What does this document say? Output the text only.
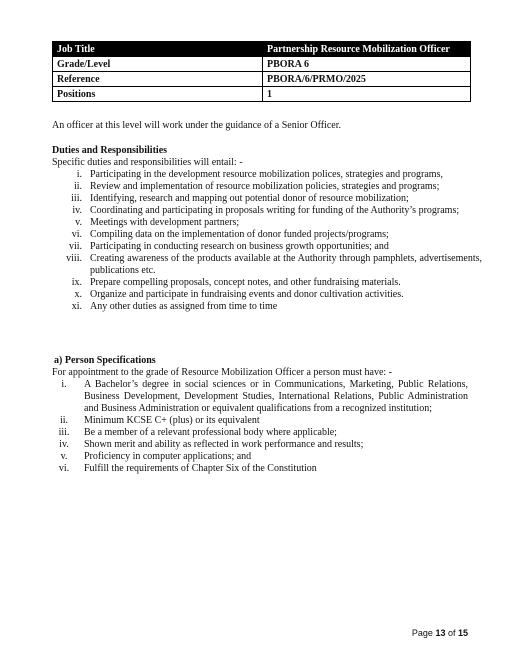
Job Title	Partnership Resource Mobilization Officer
Grade/Level	PBORA 6
Reference	PBORA/6/PRMO/2025
Positions	1
An officer at this level will work under the guidance of a Senior Officer.
Duties and Responsibilities

Specific duties and responsibilities will entail: -

i. Participating in the development resource mobilization polices, strategies and programs,
ii. Review and implementation of resource mobilization policies, strategies and programs;
iii. Identifying, research and mapping out potential donor of resource mobilization;
iv. Coordinating and participating in proposals writing for funding of the Authority’s programs;
v. Meetings with development partners;
vi. Compiling data on the implementation of donor funded projects/programs;
vii. Participating in conducting research on business growth opportunities; and
viii. Creating awareness of the products available at the Authority through pamphlets, advertisements, publications etc.
ix. Prepare compelling proposals, concept notes, and other fundraising materials.
x. Organize and participate in fundraising events and donor cultivation activities.
xi. Any other duties as assigned from time to time
a) Person Specifications
For appointment to the grade of Resource Mobilization Officer a person must have: -
i.	A Bachelor’s degree in social sciences or in Communications, Marketing, Public Relations, Business Development, Development Studies, International Relations, Public Administration and Business Administration or equivalent qualifications from a recognized institution;
ii.	Minimum KCSE C+ (plus) or its equivalent
iii. Be a member of a relevant professional body where applicable;
iv.	Shown merit and ability as reflected in work performance and results;
v.	Proficiency in computer applications; and
vi. Fulfill the requirements of Chapter Six of the Constitution
Page 13 of 15
